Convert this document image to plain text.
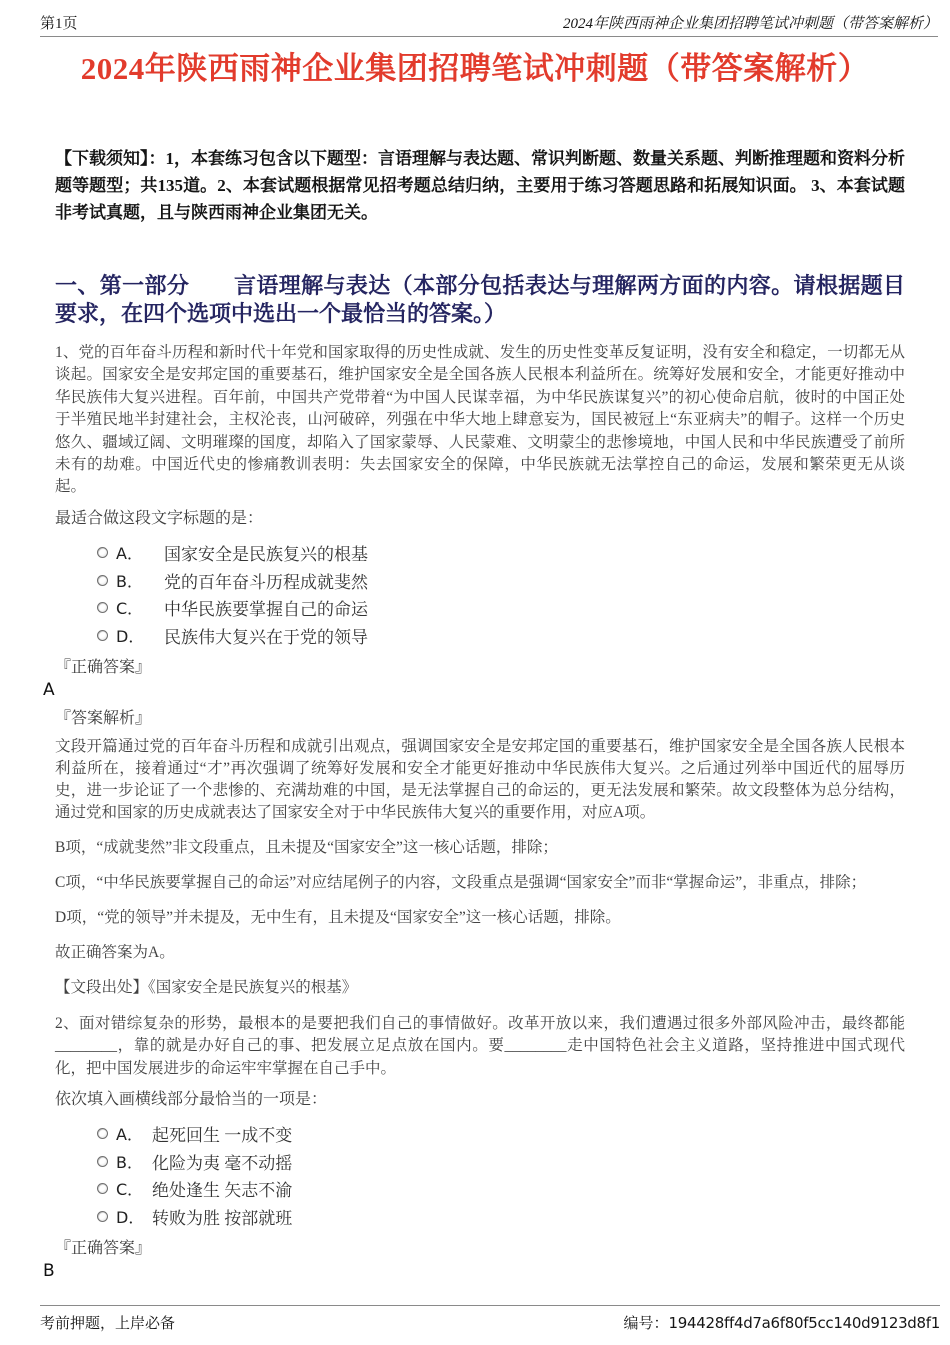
第1页	2024年陕西雨神企业集团招聘笔试冲刺题（带答案解析）
2024年陕西雨神企业集团招聘笔试冲刺题（带答案解析）

【下载须知】：1，本套练习包含以下题型：言语理解与表达题、常识判断题、数量关系题、判断推理题和资料分析题等题型；共135道。2、本套试题根据常见招考题总结归纳，主要用于练习答题思路和拓展知识面。 3、本套试题非考试真题，且与陕西雨神企业集团无关。

一、第一部分　　言语理解与表达（本部分包括表达与理解两方面的内容。请根据题目要求，在四个选项中选出一个最恰当的答案。）

1、党的百年奋斗历程和新时代十年党和国家取得的历史性成就、发生的历史性变革反复证明，没有安全和稳定，一切都无从谈起。国家安全是安邦定国的重要基石，维护国家安全是全国各族人民根本利益所在。统筹好发展和安全，才能更好推动中华民族伟大复兴进程。百年前，中国共产党带着“为中国人民谋幸福，为中华民族谋复兴”的初心使命启航，彼时的中国正处于半殖民地半封建社会，主权沦丧，山河破碎，列强在中华大地上肆意妄为，国民被冠上“东亚病夫”的帽子。这样一个历史悠久、疆域辽阔、文明璀璨的国度，却陷入了国家蒙辱、人民蒙难、文明蒙尘的悲惨境地，中国人民和中华民族遭受了前所未有的劫难。中国近代史的惨痛教训表明：失去国家安全的保障，中华民族就无法掌控自己的命运，发展和繁荣更无从谈起。

最适合做这段文字标题的是：

A．	国家安全是民族复兴的根基
B．	党的百年奋斗历程成就斐然
C．	中华民族要掌握自己的命运
D．	民族伟大复兴在于党的领导

『正确答案』

A

『答案解析』

文段开篇通过党的百年奋斗历程和成就引出观点，强调国家安全是安邦定国的重要基石，维护国家安全是全国各族人民根本利益所在，接着通过“才”再次强调了统筹好发展和安全才能更好推动中华民族伟大复兴。之后通过列举中国近代的屈辱历史，进一步论证了一个悲惨的、充满劫难的中国，是无法掌握自己的命运的，更无法发展和繁荣。故文段整体为总分结构，通过党和国家的历史成就表达了国家安全对于中华民族伟大复兴的重要作用，对应A项。

B项，“成就斐然”非文段重点，且未提及“国家安全”这一核心话题，排除；

C项，“中华民族要掌握自己的命运”对应结尾例子的内容，文段重点是强调“国家安全”而非“掌握命运”，非重点，排除；

D项，“党的领导”并未提及，无中生有，且未提及“国家安全”这一核心话题，排除。

故正确答案为A。

【文段出处】《国家安全是民族复兴的根基》

2、面对错综复杂的形势，最根本的是要把我们自己的事情做好。改革开放以来，我们遭遇过很多外部风险冲击，最终都能________，靠的就是办好自己的事、把发展立足点放在国内。要________走中国特色社会主义道路，坚持推进中国式现代化，把中国发展进步的命运牢牢掌握在自己手中。

依次填入画横线部分最恰当的一项是：

A． 起死回生 一成不变
B． 化险为夷 毫不动摇
C． 绝处逢生 矢志不渝
D． 转败为胜 按部就班

『正确答案』

B

考前押题，上岸必备	编号：194428ff4d7a6f80f5cc140d9123d8f1
